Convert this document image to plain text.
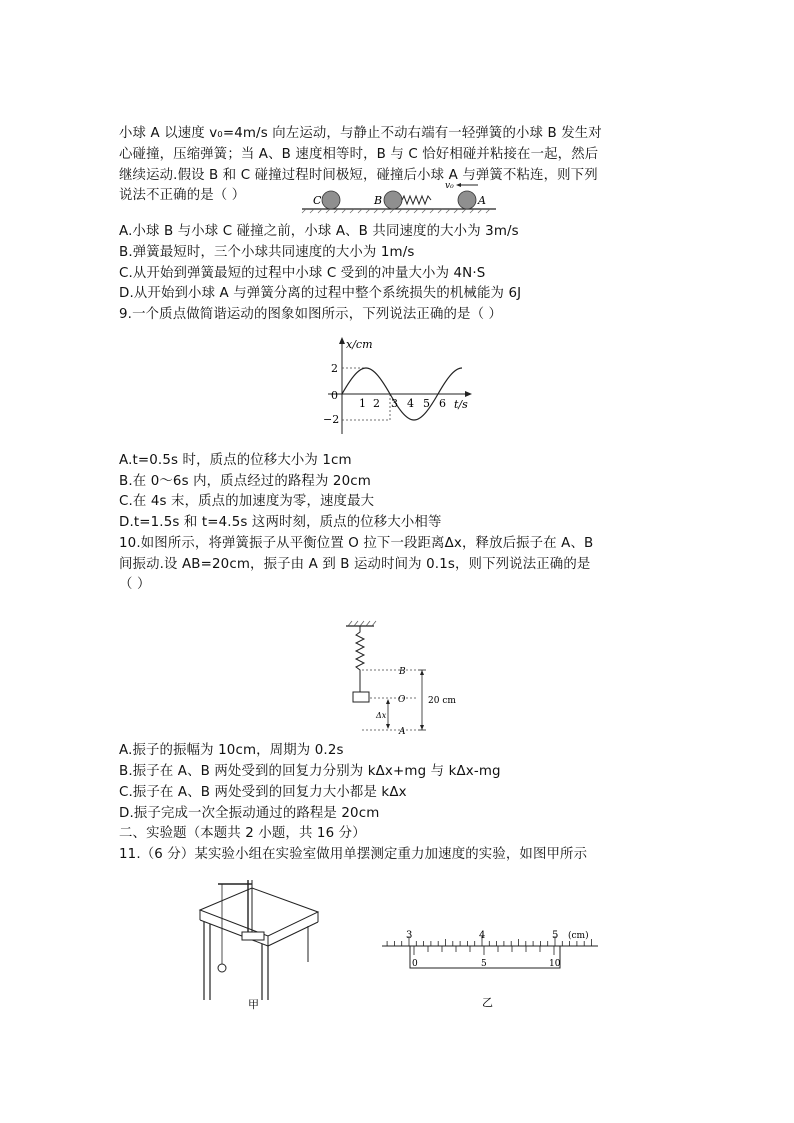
小球 A 以速度 v₀=4m/s 向左运动，与静止不动右端有一轻弹簧的小球 B 发生对
心碰撞，压缩弹簧；当 A、B 速度相等时，B 与 C 恰好相碰并粘接在一起，然后
继续运动.假设 B 和 C 碰撞过程时间极短，碰撞后小球 A 与弹簧不粘连，则下列
说法不正确的是（ ）	C	B	A
v₀
A.小球 B 与小球 C 碰撞之前，小球 A、B 共同速度的大小为 3m/s
B.弹簧最短时，三个小球共同速度的大小为 1m/s
C.从开始到弹簧最短的过程中小球 C 受到的冲量大小为 4N·S
D.从开始到小球 A 与弹簧分离的过程中整个系统损失的机械能为 6J
9.一个质点做简谐运动的图象如图所示，下列说法正确的是（ ）
x/cm
t/s
0
2
−2
1 2 3 4 5 6
A.t=0.5s 时，质点的位移大小为 1cm
B.在 0～6s 内，质点经过的路程为 20cm
C.在 4s 末，质点的加速度为零，速度最大
D.t=1.5s 和 t=4.5s 这两时刻，质点的位移大小相等
10.如图所示，将弹簧振子从平衡位置 O 拉下一段距离Δx，释放后振子在 A、B
间振动.设 AB=20cm，振子由 A 到 B 运动时间为 0.1s，则下列说法正确的是
（ ）
B
O
A
Δx
20 cm
A.振子的振幅为 10cm，周期为 0.2s
B.振子在 A、B 两处受到的回复力分别为 kΔx+mg 与 kΔx-mg
C.振子在 A、B 两处受到的回复力大小都是 kΔx
D.振子完成一次全振动通过的路程是 20cm
二、实验题（本题共 2 小题，共 16 分）
11.（6 分）某实验小组在实验室做用单摆测定重力加速度的实验，如图甲所示
甲
3	4	5 (cm)
0	5	10
乙
